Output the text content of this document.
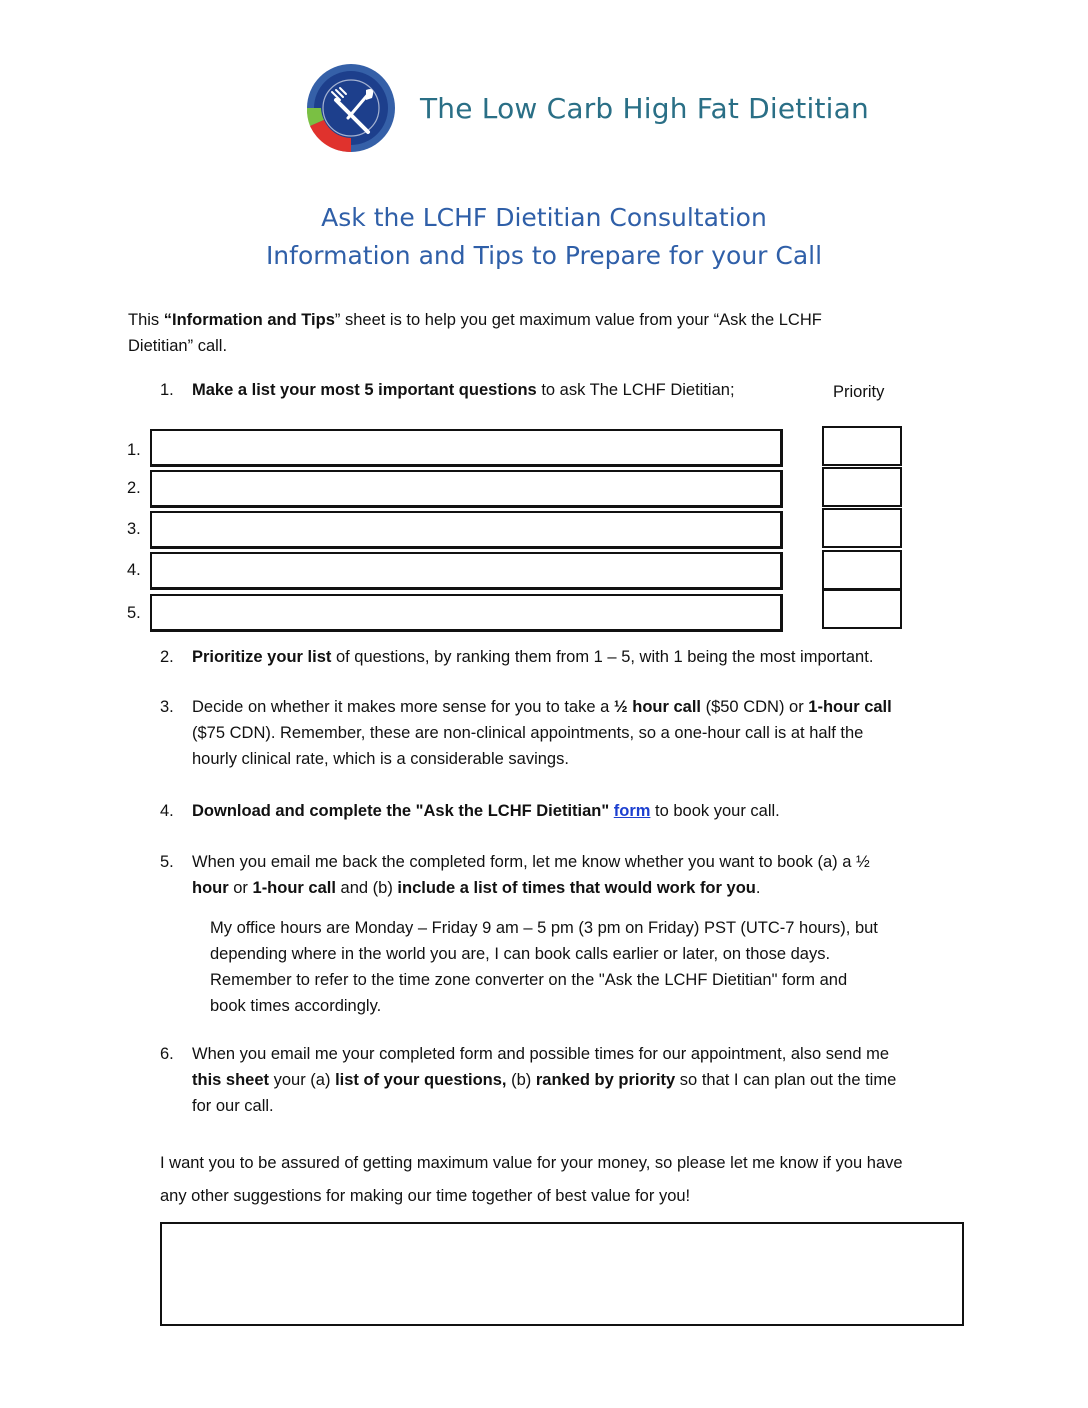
The Low Carb High Fat Dietitian
Ask the LCHF Dietitian Consultation
Information and Tips to Prepare for your Call
This “Information and Tips” sheet is to help you get maximum value from your “Ask the LCHF
Dietitian” call.
1. Make a list your most 5 important questions to ask The LCHF Dietitian;	Priority
1.
2.
3.
4.
5.
2. Prioritize your list of questions, by ranking them from 1 – 5, with 1 being the most important.
3. Decide on whether it makes more sense for you to take a ½ hour call ($50 CDN) or 1-hour call
($75 CDN). Remember, these are non-clinical appointments, so a one-hour call is at half the
hourly clinical rate, which is a considerable savings.
4. Download and complete the "Ask the LCHF Dietitian" form to book your call.
5. When you email me back the completed form, let me know whether you want to book (a) a ½
hour or 1-hour call and (b) include a list of times that would work for you.
My office hours are Monday – Friday 9 am – 5 pm (3 pm on Friday) PST (UTC-7 hours), but
depending where in the world you are, I can book calls earlier or later, on those days.
Remember to refer to the time zone converter on the "Ask the LCHF Dietitian" form and
book times accordingly.
6. When you email me your completed form and possible times for our appointment, also send me
this sheet your (a) list of your questions, (b) ranked by priority so that I can plan out the time
for our call.
I want you to be assured of getting maximum value for your money, so please let me know if you have
any other suggestions for making our time together of best value for you!
